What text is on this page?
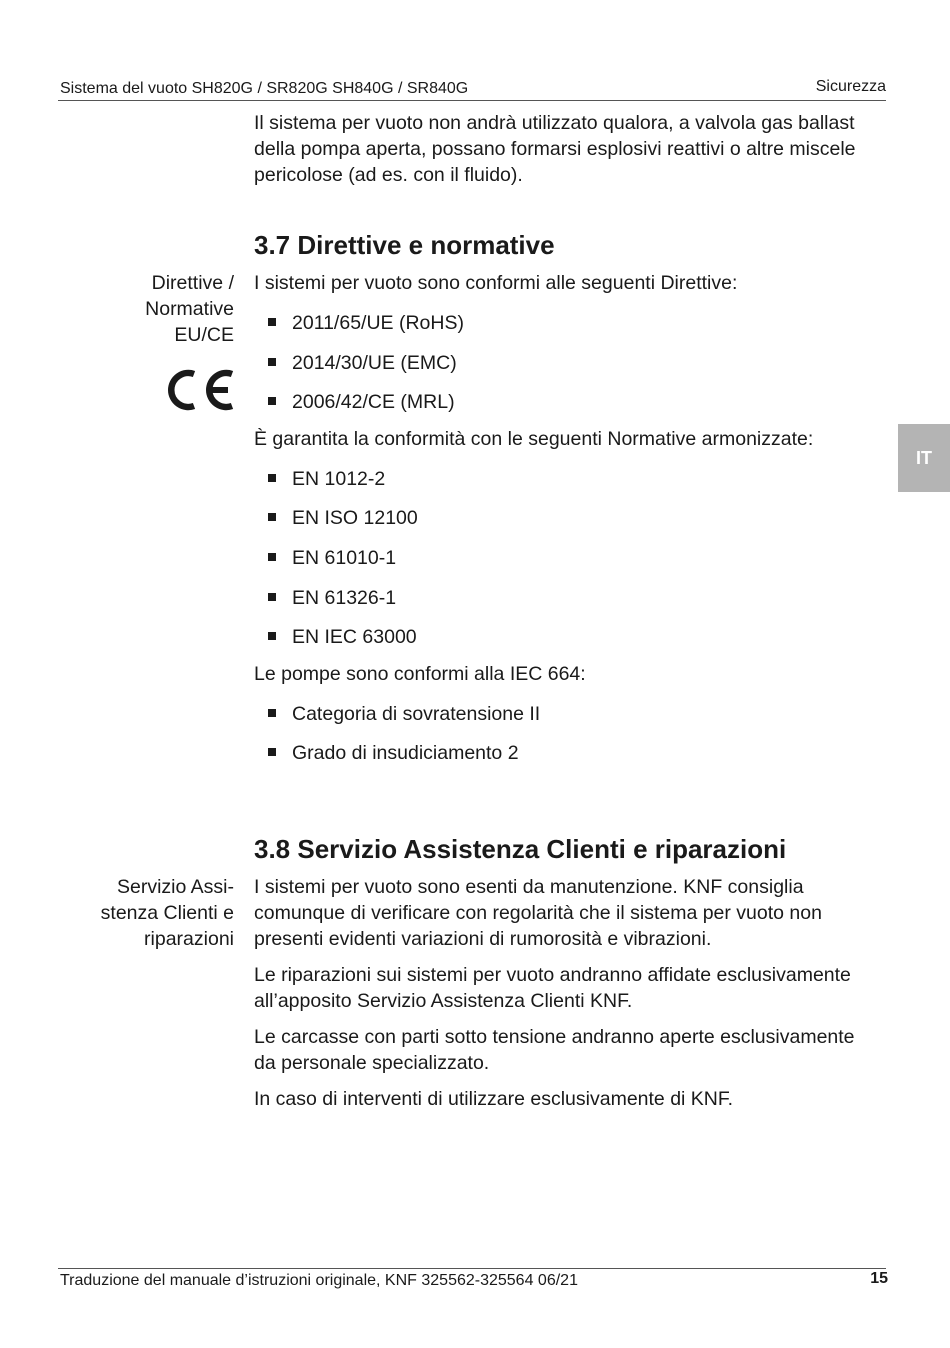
Sistema del vuoto SH820G / SR820G SH840G / SR840G	Sicurezza
IT

Il sistema per vuoto non andrà utilizzato qualora, a valvola gas ballast della pompa aperta, possano formarsi esplosivi reattivi o altre miscele pericolose (ad es. con il fluido).

3.7 Direttive e normative
Direttive /
Normative
EU/CE

I sistemi per vuoto sono conformi alle seguenti Direttive:

2011/65/UE (RoHS)
2014/30/UE (EMC)
2006/42/CE (MRL)

È garantita la conformità con le seguenti Normative armonizzate:

EN 1012-2
EN ISO 12100
EN 61010-1
EN 61326-1
EN IEC 63000

Le pompe sono conformi alla IEC 664:

Categoria di sovratensione II
Grado di insudiciamento 2
3.8 Servizio Assistenza Clienti e riparazioni
Servizio Assi-
stenza Clienti e
riparazioni

I sistemi per vuoto sono esenti da manutenzione. KNF consiglia comunque di verificare con regolarità che il sistema per vuoto non presenti evidenti variazioni di rumorosità e vibrazioni.

Le riparazioni sui sistemi per vuoto andranno affidate esclusivamente all’apposito Servizio Assistenza Clienti KNF.

Le carcasse con parti sotto tensione andranno aperte esclusivamente da personale specializzato.

In caso di interventi di utilizzare esclusivamente di KNF.

Traduzione del manuale d’istruzioni originale, KNF 325562-325564 06/21	15
